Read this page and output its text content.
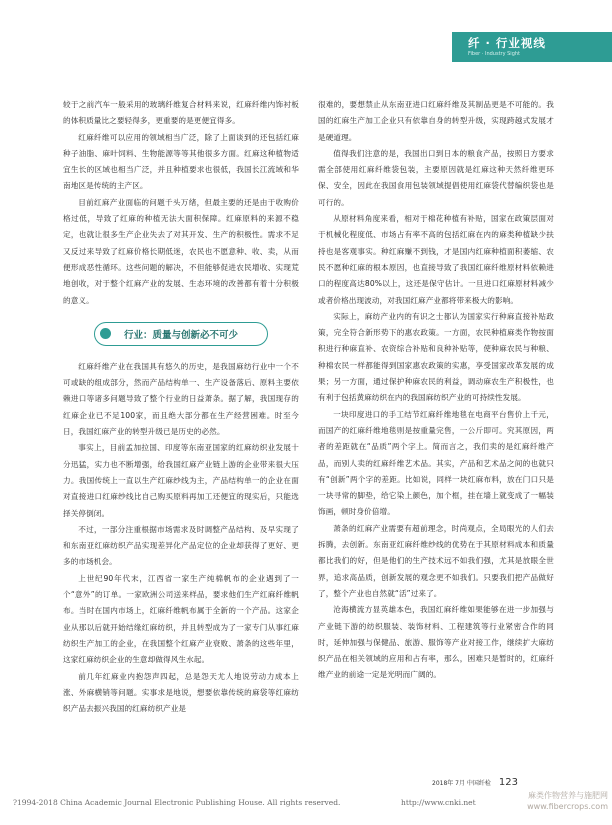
纤 · 行业视线
Fiber · Industry Sight

较于之前汽车一般采用的玻璃纤维复合材料来说，红麻纤维内饰衬板的体积质量比之要轻得多，更重要的是更便宜得多。

红麻纤维可以应用的领域相当广泛，除了上面谈到的还包括红麻种子油脂、麻叶饲料、生物能源等等其他很多方面。红麻这种植物适宜生长的区域也相当广泛，并且种植要求也很低，我国长江流域和华南地区是传统的主产区。

目前红麻产业面临的问题千头万绪，但最主要的还是由于收购价格过低，导致了红麻的种植无法大面积保障。红麻原料的来源不稳定，也就让很多生产企业失去了对其开发、生产的积极性。需求不足又反过来导致了红麻价格长期低迷，农民也不愿意种、收、卖，从而便形成恶性循环。这些问题的解决，不但能够促进农民增收、实现荒地创收，对于整个红麻产业的发展、生态环境的改善都有着十分积极的意义。

行业：质量与创新必不可少

红麻纤维产业在我国具有悠久的历史，是我国麻纺行业中一个不可或缺的组成部分，然而产品结构单一、生产设备落后、原料主要依赖进口等诸多问题导致了整个行业的日益萧条。据了解，我国现存的红麻企业已不足100家，而且绝大部分都在生产经营困难。时至今日，我国红麻产业的转型升级已是历史的必然。

事实上，目前孟加拉国、印度等东南亚国家的红麻纺织业发展十分迅猛，实力也不断增强，给我国红麻产业链上游的企业带来很大压力。我国传统上一直以生产红麻纱线为主，产品结构单一的企业在面对直接进口红麻纱线比自己购买原料再加工还便宜的现实后，只能选择关停倒闭。

不过，一部分注重根据市场需求及时调整产品结构、及早实现了和东南亚红麻纺织产品实现差异化产品定位的企业却获得了更好、更多的市场机会。

上世纪90年代末，江西省一家生产纯棉帆布的企业遇到了一个“意外”的订单。一家欧洲公司送来样品，要求他们生产红麻纤维帆布。当时在国内市场上，红麻纤维帆布属于全新的一个产品。这家企业从那以后就开始结缘红麻纺织，并且转型成为了一家专门从事红麻纺织生产加工的企业，在我国整个红麻产业衰败、萧条的这些年里，这家红麻纺织企业的生意却做得风生水起。

前几年红麻业内抱怨声四起，总是怨天尤人地说劳动力成本上涨、外麻横销等问题。实事求是地说，想要依靠传统的麻袋等红麻纺织产品去振兴我国的红麻纺织产业是

很难的，要想禁止从东南亚进口红麻纤维及其制品更是不可能的。我国的红麻生产加工企业只有依靠自身的转型升级，实现跨越式发展才是硬道理。

值得我们注意的是，我国出口到日本的粮食产品，按照日方要求需全部使用红麻纤维袋包装，主要原因就是红麻这种天然纤维更环保、安全，因此在我国食用包装领域提倡使用红麻袋代替编织袋也是可行的。

从原材料角度来看，相对于棉花种植有补贴，国家在政策层面对于机械化程度低、市场占有率不高的包括红麻在内的麻类种植缺少扶持也是客观事实。种红麻赚不到钱，才是国内红麻种植面积萎缩、农民不愿种红麻的根本原因，也直接导致了我国红麻纤维原材料依赖进口的程度高达80%以上，这还是保守估计。一旦进口红麻原材料减少或者价格出现波动，对我国红麻产业都将带来极大的影响。

实际上，麻纺产业内的有识之士都认为国家实行种麻直接补贴政策，完全符合新形势下的惠农政策。一方面，农民种植麻类作物按面积进行种麻直补、农资综合补贴和良种补贴等，使种麻农民与种粮、种棉农民一样都能得到国家惠农政策的实惠，享受国家改革发展的成果；另一方面，通过保护种麻农民的利益，调动麻农生产积极性，也有利于包括黄麻纺织在内的我国麻纺织产业的可持续性发展。

一块印度进口的手工结节红麻纤维地毯在电商平台售价上千元，而国产的红麻纤维地毯则是按重量完售，一公斤即可。究其原因，两者的差距就在“品质”两个字上。简而言之，我们卖的是红麻纤维产品，而别人卖的红麻纤维艺术品。其实，产品和艺术品之间的也就只有“创新”两个字的差距。比如说，同样一块红麻布料，放在门口只是一块寻常的脚垫，给它染上颜色，加个框，挂在墙上就变成了一幅装饰画，顿时身价倍增。

萧条的红麻产业需要有超前理念，时尚观点，全局眼光的人们去拆腾，去创新。东南亚红麻纤维纱线的优势在于其原材料成本和质量都比我们的好，但是他们的生产技术远不如我们强，尤其是放眼全世界，追求高品质，创新发展的观念更不如我们。只要我们把产品做好了，整个产业也自然就“活”过来了。

沧海横流方显英雄本色，我国红麻纤维如果能够在进一步加强与产业链下游的纺织服装、装饰材料、工程建筑等行业紧密合作的同时，延伸加强与保健品、旅游、服饰等产业对接工作，继续扩大麻纺织产品在相关领域的应用和占有率，那么，困难只是暂时的，红麻纤维产业的前途一定是光明而广阔的。

2018年 7月 中国纤检 123
?1994-2018 China Academic Journal Electronic Publishing House. All rights reserved.	http://www.cnki.net
麻类作物营养与施肥网 www.fibercrops.com
